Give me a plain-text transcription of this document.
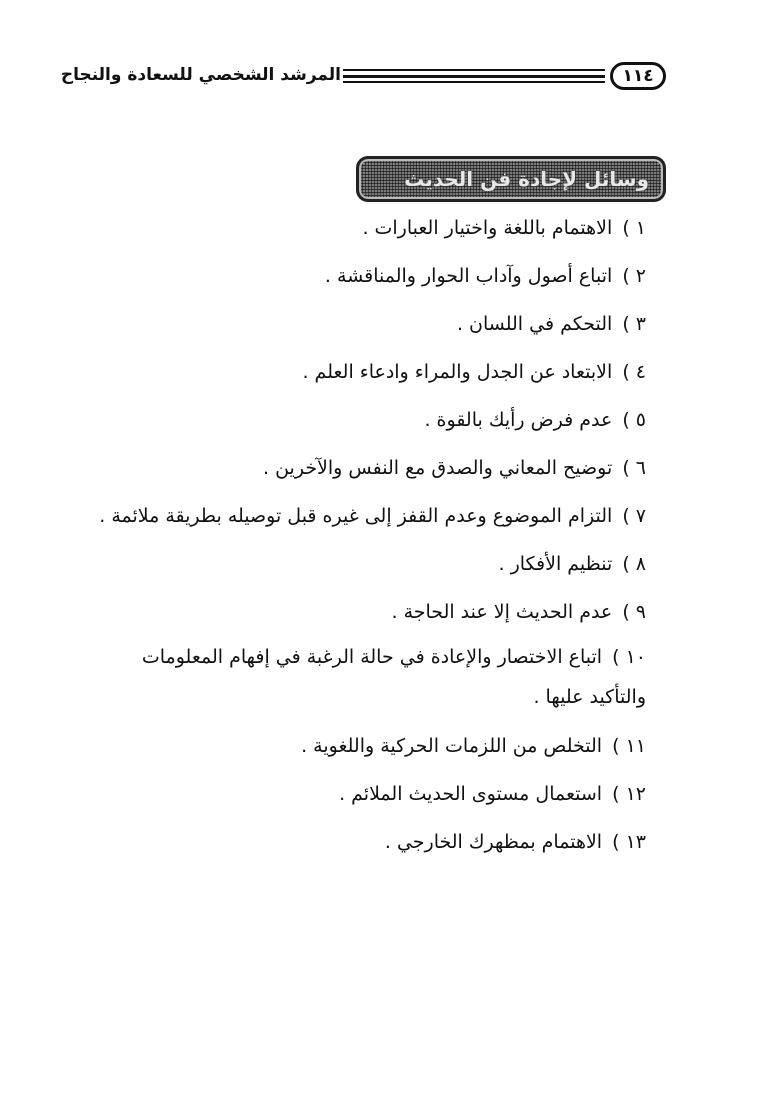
١١٤
المرشد الشخصي للسعادة والنجاح
وسائل لإجادة فن الحديث
١ ) الاهتمام باللغة واختيار العبارات .
٢ ) اتباع أصول وآداب الحوار والمناقشة .
٣ ) التحكم في اللسان .
٤ ) الابتعاد عن الجدل والمراء وادعاء العلم .
٥ ) عدم فرض رأيك بالقوة .
٦ ) توضيح المعاني والصدق مع النفس والآخرين .
٧ ) التزام الموضوع وعدم القفز إلى غيره قبل توصيله بطريقة ملائمة .
٨ ) تنظيم الأفكار .
٩ ) عدم الحديث إلا عند الحاجة .
١٠ ) اتباع الاختصار والإعادة في حالة الرغبة في إفهام المعلومات والتأكيد عليها .
١١ ) التخلص من اللزمات الحركية واللغوية .
١٢ ) استعمال مستوى الحديث الملائم .
١٣ ) الاهتمام بمظهرك الخارجي .
